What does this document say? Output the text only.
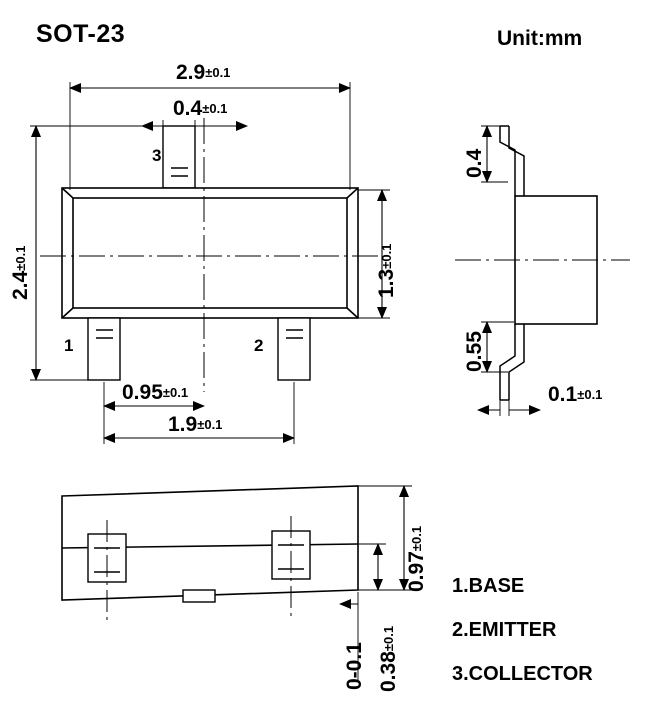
SOT-23	Unit:mm
2.9±0.1
0.4±0.1
2.4±0.1
1.3±0.1
1	2
3
0.95±0.1
1.9±0.1
0.4
0.55
0.1±0.1
0.97±0.1
0.38±0.1
0-0.1
1.BASE
2.EMITTER
3.COLLECTOR
